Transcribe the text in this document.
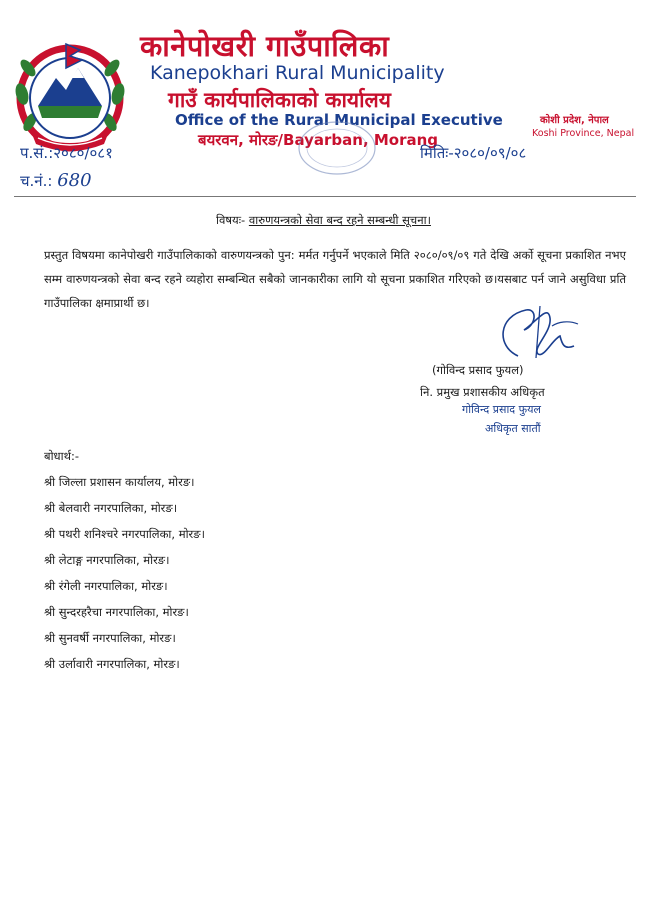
कानेपोखरी गाउँपालिका
Kanepokhari Rural Municipality
गाउँ कार्यपालिकाको कार्यालय
Office of the Rural Municipal Executive
बयरवन, मोरङ/Bayarban, Morang
कोशी प्रदेश, नेपाल
Koshi Province, Nepal
प.सं.:२०८०/०८१	मितिः-२०८०/०९/०८
च.नं.: 680
विषयः- वारुणयन्त्रको सेवा बन्द रहने सम्बन्धी सूचना।
प्रस्तुत विषयमा कानेपोखरी गाउँपालिकाको वारुणयन्त्रको पुन: मर्मत गर्नुपर्ने भएकाले मिति २०८०/०९/०९ गते देखि अर्को सूचना प्रकाशित नभए सम्म वारुणयन्त्रको सेवा बन्द रहने व्यहोरा सम्बन्धित सबैको जानकारीका लागि यो सूचना प्रकाशित गरिएको छ।यसबाट पर्न जाने असुविधा प्रति गाउँपालिका क्षमाप्रार्थी छ।
(गोविन्द प्रसाद फुयल)
नि. प्रमुख प्रशासकीय अधिकृत
गोविन्द प्रसाद फुयल
अधिकृत सातौं
बोधार्थ:-
श्री जिल्ला प्रशासन कार्यालय, मोरङ।
श्री बेलवारी नगरपालिका, मोरङ।
श्री पथरी शनिश्चरे नगरपालिका, मोरङ।
श्री लेटाङ्ग नगरपालिका, मोरङ।
श्री रंगेली नगरपालिका, मोरङ।
श्री सुन्दरहरैचा नगरपालिका, मोरङ।
श्री सुनवर्षी नगरपालिका, मोरङ।
श्री उर्लावारी नगरपालिका, मोरङ।
